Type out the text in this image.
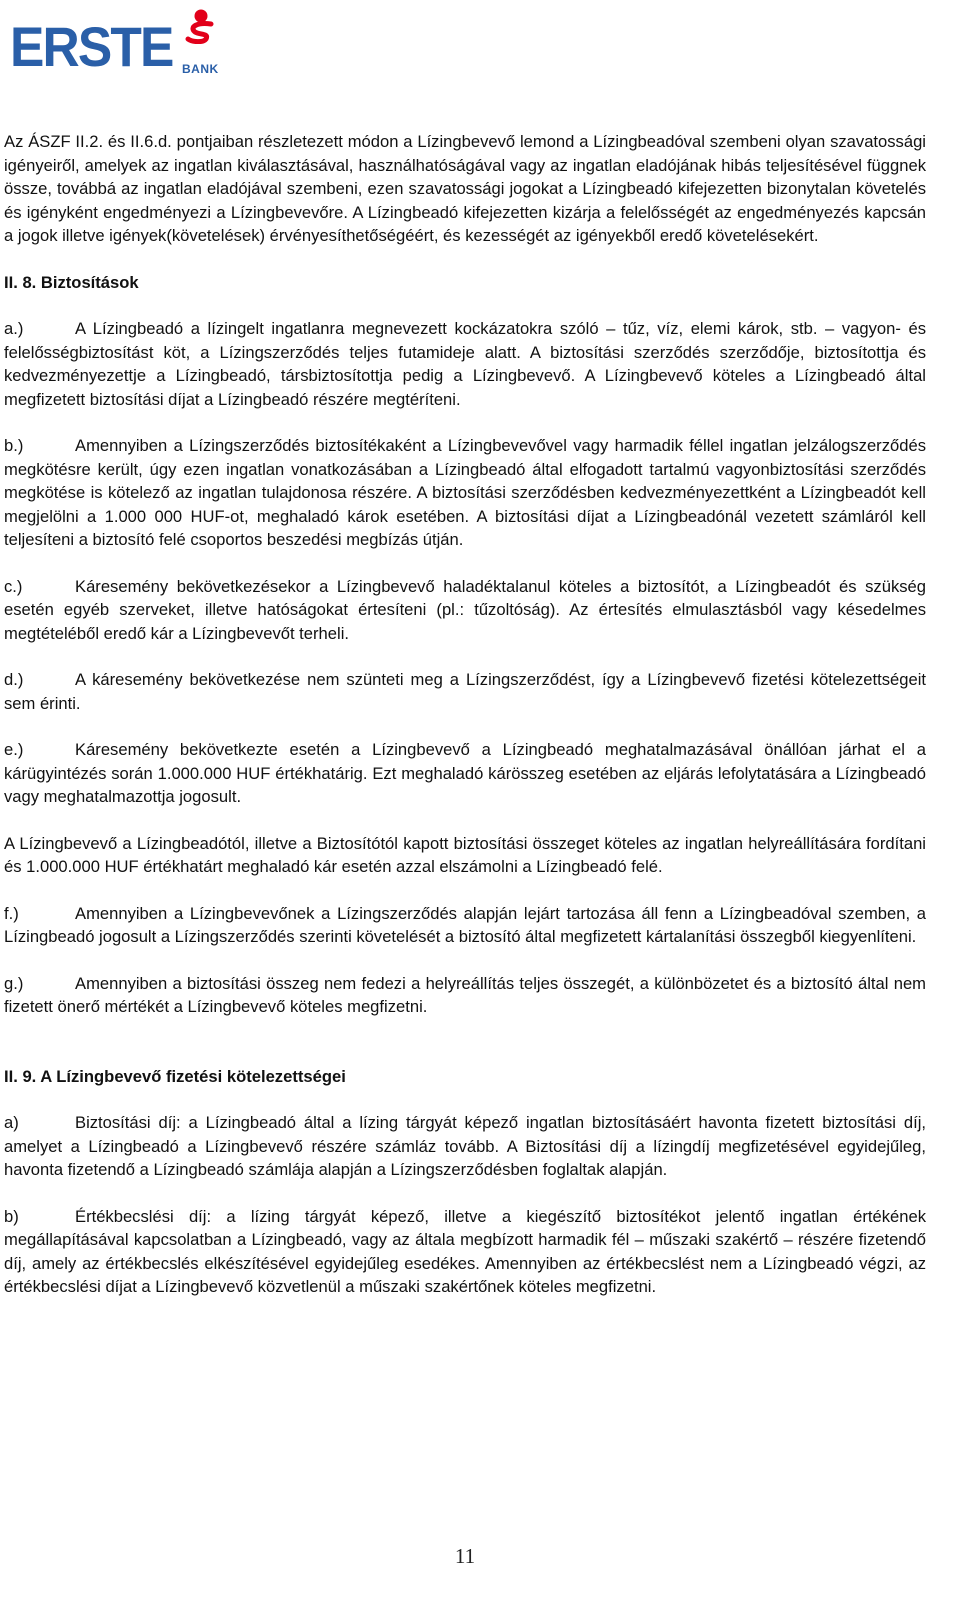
ERSTE BANK

Az ÁSZF II.2. és II.6.d. pontjaiban részletezett módon a Lízingbevevő lemond a Lízingbeadóval szembeni olyan szavatossági igényeiről, amelyek az ingatlan kiválasztásával, használhatóságával vagy az ingatlan eladójának hibás teljesítésével függnek össze, továbbá az ingatlan eladójával szembeni, ezen szavatossági jogokat a Lízingbeadó kifejezetten bizonytalan követelés és igényként engedményezi a Lízingbevevőre. A Lízingbeadó kifejezetten kizárja a felelősségét az engedményezés kapcsán a jogok illetve igények(követelések) érvényesíthetőségéért, és kezességét az igényekből eredő követelésekért.

II. 8. Biztosítások

a.)	A Lízingbeadó a lízingelt ingatlanra megnevezett kockázatokra szóló – tűz, víz, elemi károk, stb. – vagyon- és felelősségbiztosítást köt, a Lízingszerződés teljes futamideje alatt. A biztosítási szerződés szerződője, biztosítottja és kedvezményezettje a Lízingbeadó, társbiztosítottja pedig a Lízingbevevő. A Lízingbevevő köteles a Lízingbeadó által megfizetett biztosítási díjat a Lízingbeadó részére megtéríteni.

b.)	Amennyiben a Lízingszerződés biztosítékaként a Lízingbevevővel vagy harmadik féllel ingatlan jelzálogszerződés megkötésre került, úgy ezen ingatlan vonatkozásában a Lízingbeadó által elfogadott tartalmú vagyonbiztosítási szerződés megkötése is kötelező az ingatlan tulajdonosa részére. A biztosítási szerződésben kedvezményezettként a Lízingbeadót kell megjelölni a 1.000 000 HUF-ot, meghaladó károk esetében. A biztosítási díjat a Lízingbeadónál vezetett számláról kell teljesíteni a biztosító felé csoportos beszedési megbízás útján.

c.)	Káresemény bekövetkezésekor a Lízingbevevő haladéktalanul köteles a biztosítót, a Lízingbeadót és szükség esetén egyéb szerveket, illetve hatóságokat értesíteni (pl.: tűzoltóság). Az értesítés elmulasztásból vagy késedelmes megtételéből eredő kár a Lízingbevevőt terheli.

d.)	A káresemény bekövetkezése nem szünteti meg a Lízingszerződést, így a Lízingbevevő fizetési kötelezettségeit sem érinti.

e.)	Káresemény bekövetkezte esetén a Lízingbevevő a Lízingbeadó meghatalmazásával önállóan járhat el a kárügyintézés során 1.000.000 HUF értékhatárig. Ezt meghaladó kárösszeg esetében az eljárás lefolytatására a Lízingbeadó vagy meghatalmazottja jogosult.

A Lízingbevevő a Lízingbeadótól, illetve a Biztosítótól kapott biztosítási összeget köteles az ingatlan helyreállítására fordítani és 1.000.000 HUF értékhatárt meghaladó kár esetén azzal elszámolni a Lízingbeadó felé.

f.)	Amennyiben a Lízingbevevőnek a Lízingszerződés alapján lejárt tartozása áll fenn a Lízingbeadóval szemben, a Lízingbeadó jogosult a Lízingszerződés szerinti követelését a biztosító által megfizetett kártalanítási összegből kiegyenlíteni.

g.)	Amennyiben a biztosítási összeg nem fedezi a helyreállítás teljes összegét, a különbözetet és a biztosító által nem fizetett önerő mértékét a Lízingbevevő köteles megfizetni.

II. 9. A Lízingbevevő fizetési kötelezettségei

a)	Biztosítási díj: a Lízingbeadó által a lízing tárgyát képező ingatlan biztosításáért havonta fizetett biztosítási díj, amelyet a Lízingbeadó a Lízingbevevő részére számláz tovább. A Biztosítási díj a lízingdíj megfizetésével egyidejűleg, havonta fizetendő a Lízingbeadó számlája alapján a Lízingszerződésben foglaltak alapján.

b)	Értékbecslési díj: a lízing tárgyát képező, illetve a kiegészítő biztosítékot jelentő ingatlan értékének megállapításával kapcsolatban a Lízingbeadó, vagy az általa megbízott harmadik fél – műszaki szakértő – részére fizetendő díj, amely az értékbecslés elkészítésével egyidejűleg esedékes. Amennyiben az értékbecslést nem a Lízingbeadó végzi, az értékbecslési díjat a Lízingbevevő közvetlenül a műszaki szakértőnek köteles megfizetni.

11
